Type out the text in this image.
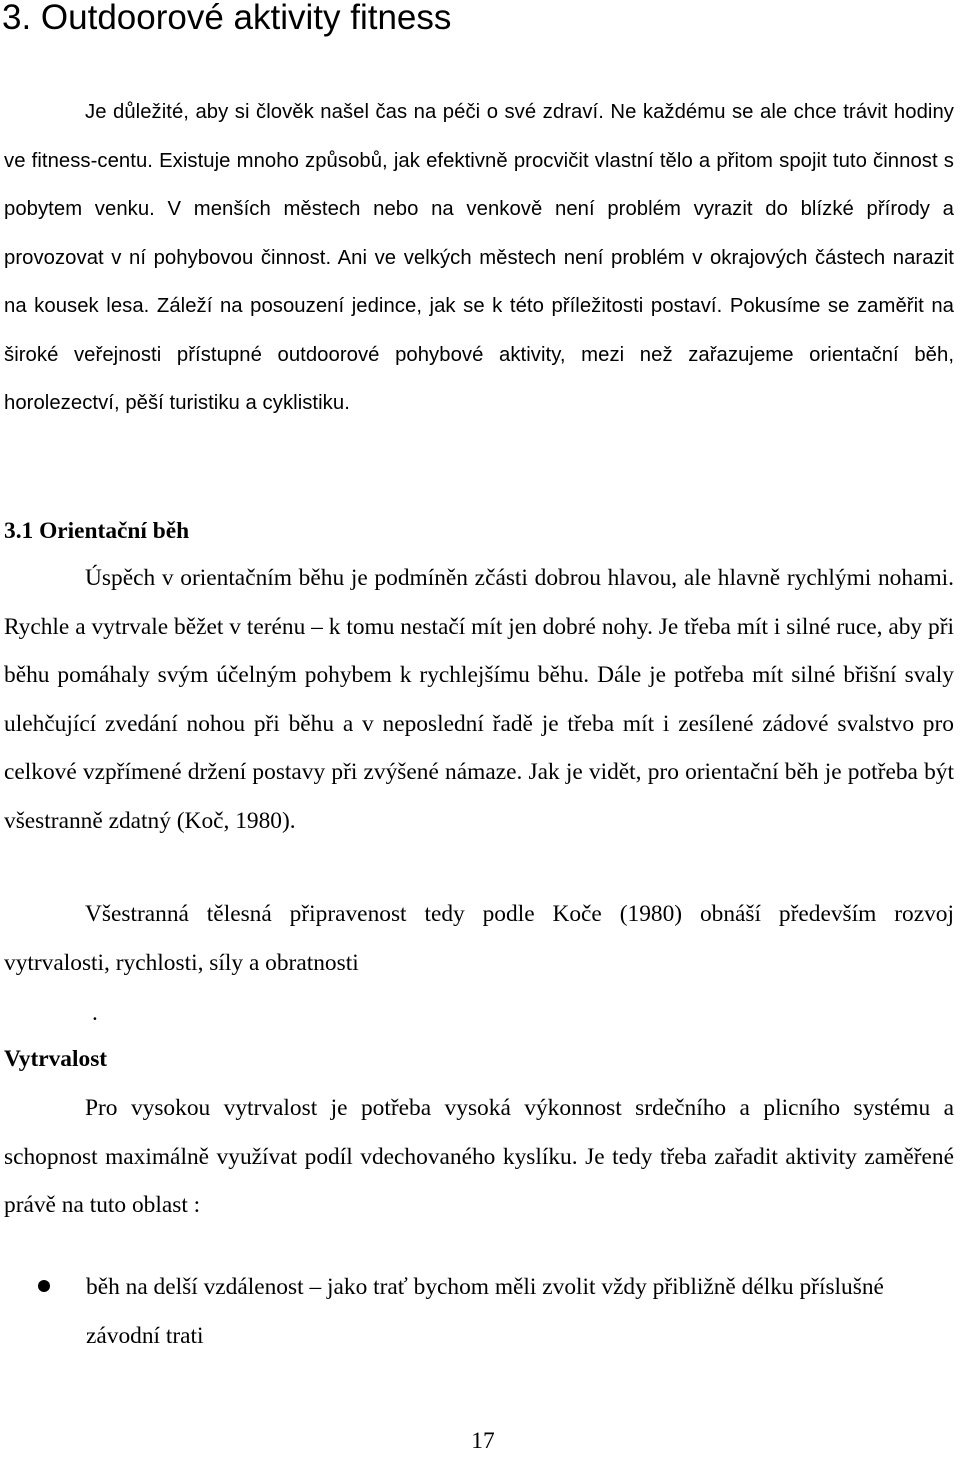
3. Outdoorové aktivity fitness

Je důležité, aby si člověk našel čas na péči o své zdraví. Ne každému se ale chce trávit hodiny ve fitness-centu. Existuje mnoho způsobů, jak efektivně procvičit vlastní tělo a přitom spojit tuto činnost s pobytem venku. V menších městech nebo na venkově není problém vyrazit do blízké přírody a provozovat v ní pohybovou činnost. Ani ve velkých městech není problém v okrajových částech narazit na kousek lesa. Záleží na posouzení jedince, jak se k této příležitosti postaví. Pokusíme se zaměřit na široké veřejnosti přístupné outdoorové pohybové aktivity, mezi než zařazujeme orientační běh, horolezectví, pěší turistiku a cyklistiku.

3.1 Orientační běh

Úspěch v orientačním běhu je podmíněn zčásti dobrou hlavou, ale hlavně rychlými nohami. Rychle a vytrvale běžet v terénu – k tomu nestačí mít jen dobré nohy. Je třeba mít i silné ruce, aby při běhu pomáhaly svým účelným pohybem k rychlejšímu běhu. Dále je potřeba mít silné břišní svaly ulehčující zvedání nohou při běhu a v neposlední řadě je třeba mít i zesílené zádové svalstvo pro celkové vzpřímené držení postavy při zvýšené námaze. Jak je vidět, pro orientační běh je potřeba být všestranně zdatný (Koč, 1980).

Všestranná tělesná připravenost tedy podle Koče (1980) obnáší především rozvoj vytrvalosti, rychlosti, síly a obratnosti

.
Vytrvalost

Pro vysokou vytrvalost je potřeba vysoká výkonnost srdečního a plicního systému a schopnost maximálně využívat podíl vdechovaného kyslíku. Je tedy třeba zařadit aktivity zaměřené právě na tuto oblast :

běh na delší vzdálenost – jako trať bychom měli zvolit vždy přibližně délku příslušné závodní trati
17
